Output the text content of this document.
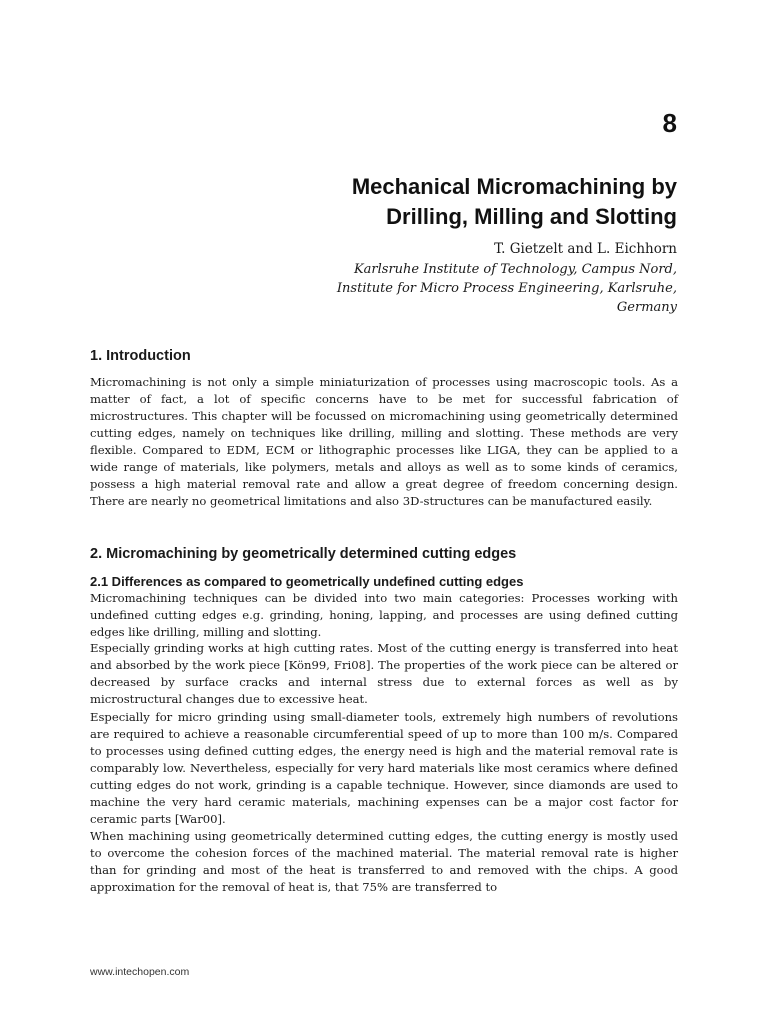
8
Mechanical Micromachining by
Drilling, Milling and Slotting
T. Gietzelt and L. Eichhorn
Karlsruhe Institute of Technology, Campus Nord,
Institute for Micro Process Engineering, Karlsruhe,
Germany
1. Introduction

Micromachining is not only a simple miniaturization of processes using macroscopic tools. As a matter of fact, a lot of specific concerns have to be met for successful fabrication of microstructures. This chapter will be focussed on micromachining using geometrically determined cutting edges, namely on techniques like drilling, milling and slotting. These methods are very flexible. Compared to EDM, ECM or lithographic processes like LIGA, they can be applied to a wide range of materials, like polymers, metals and alloys as well as to some kinds of ceramics, possess a high material removal rate and allow a great degree of freedom concerning design. There are nearly no geometrical limitations and also 3D-structures can be manufactured easily.

2. Micromachining by geometrically determined cutting edges
2.1 Differences as compared to geometrically undefined cutting edges

Micromachining techniques can be divided into two main categories: Processes working with undefined cutting edges e.g. grinding, honing, lapping, and processes are using defined cutting edges like drilling, milling and slotting.

Especially grinding works at high cutting rates. Most of the cutting energy is transferred into heat and absorbed by the work piece [Kön99, Fri08]. The properties of the work piece can be altered or decreased by surface cracks and internal stress due to external forces as well as by microstructural changes due to excessive heat.

Especially for micro grinding using small-diameter tools, extremely high numbers of revolutions are required to achieve a reasonable circumferential speed of up to more than 100 m/s. Compared to processes using defined cutting edges, the energy need is high and the material removal rate is comparably low. Nevertheless, especially for very hard materials like most ceramics where defined cutting edges do not work, grinding is a capable technique. However, since diamonds are used to machine the very hard ceramic materials, machining expenses can be a major cost factor for ceramic parts [War00].

When machining using geometrically determined cutting edges, the cutting energy is mostly used to overcome the cohesion forces of the machined material. The material removal rate is higher than for grinding and most of the heat is transferred to and removed with the chips. A good approximation for the removal of heat is, that 75% are transferred to

www.intechopen.com
